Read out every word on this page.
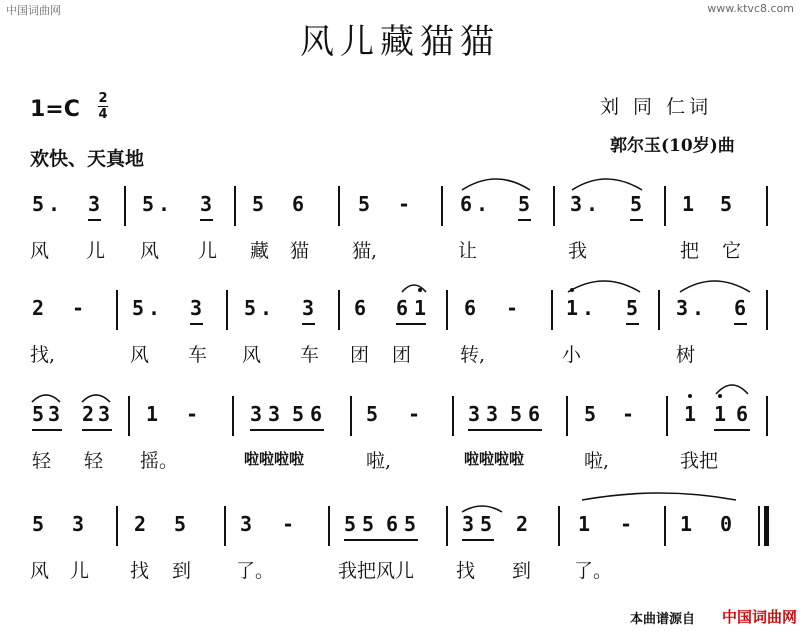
中国词曲网	www.ktvc8.com
风儿藏猫猫
1=C 2
4
欢快、天真地
刘 同 仁词
郭尔玉(10岁)曲
5 . 3 5 . 3 5 6	5 - 6 . 5 3 . 5 1 5
风 儿 风 儿 藏 猫 猫,	让	我	把 它
2 - 5 . 3 5 . 3 6 6 1 6 - 1 . 5 3 . 6
找,	风 车 风 车 团 团	转,	小	树
5 3 2 3 1 -	3 3 5 6 5 - 3 3 5 6 5 - 1 1 6
轻 轻 摇。	啦啦啦啦	啦,	啦啦啦啦	啦,	我把
5 3 2 5	3 - 5 5 6 5 3 5 2 1 - 1 0
风 儿 找 到 了。	我把风儿 找 到 了。
本曲谱源自 中国词曲网
